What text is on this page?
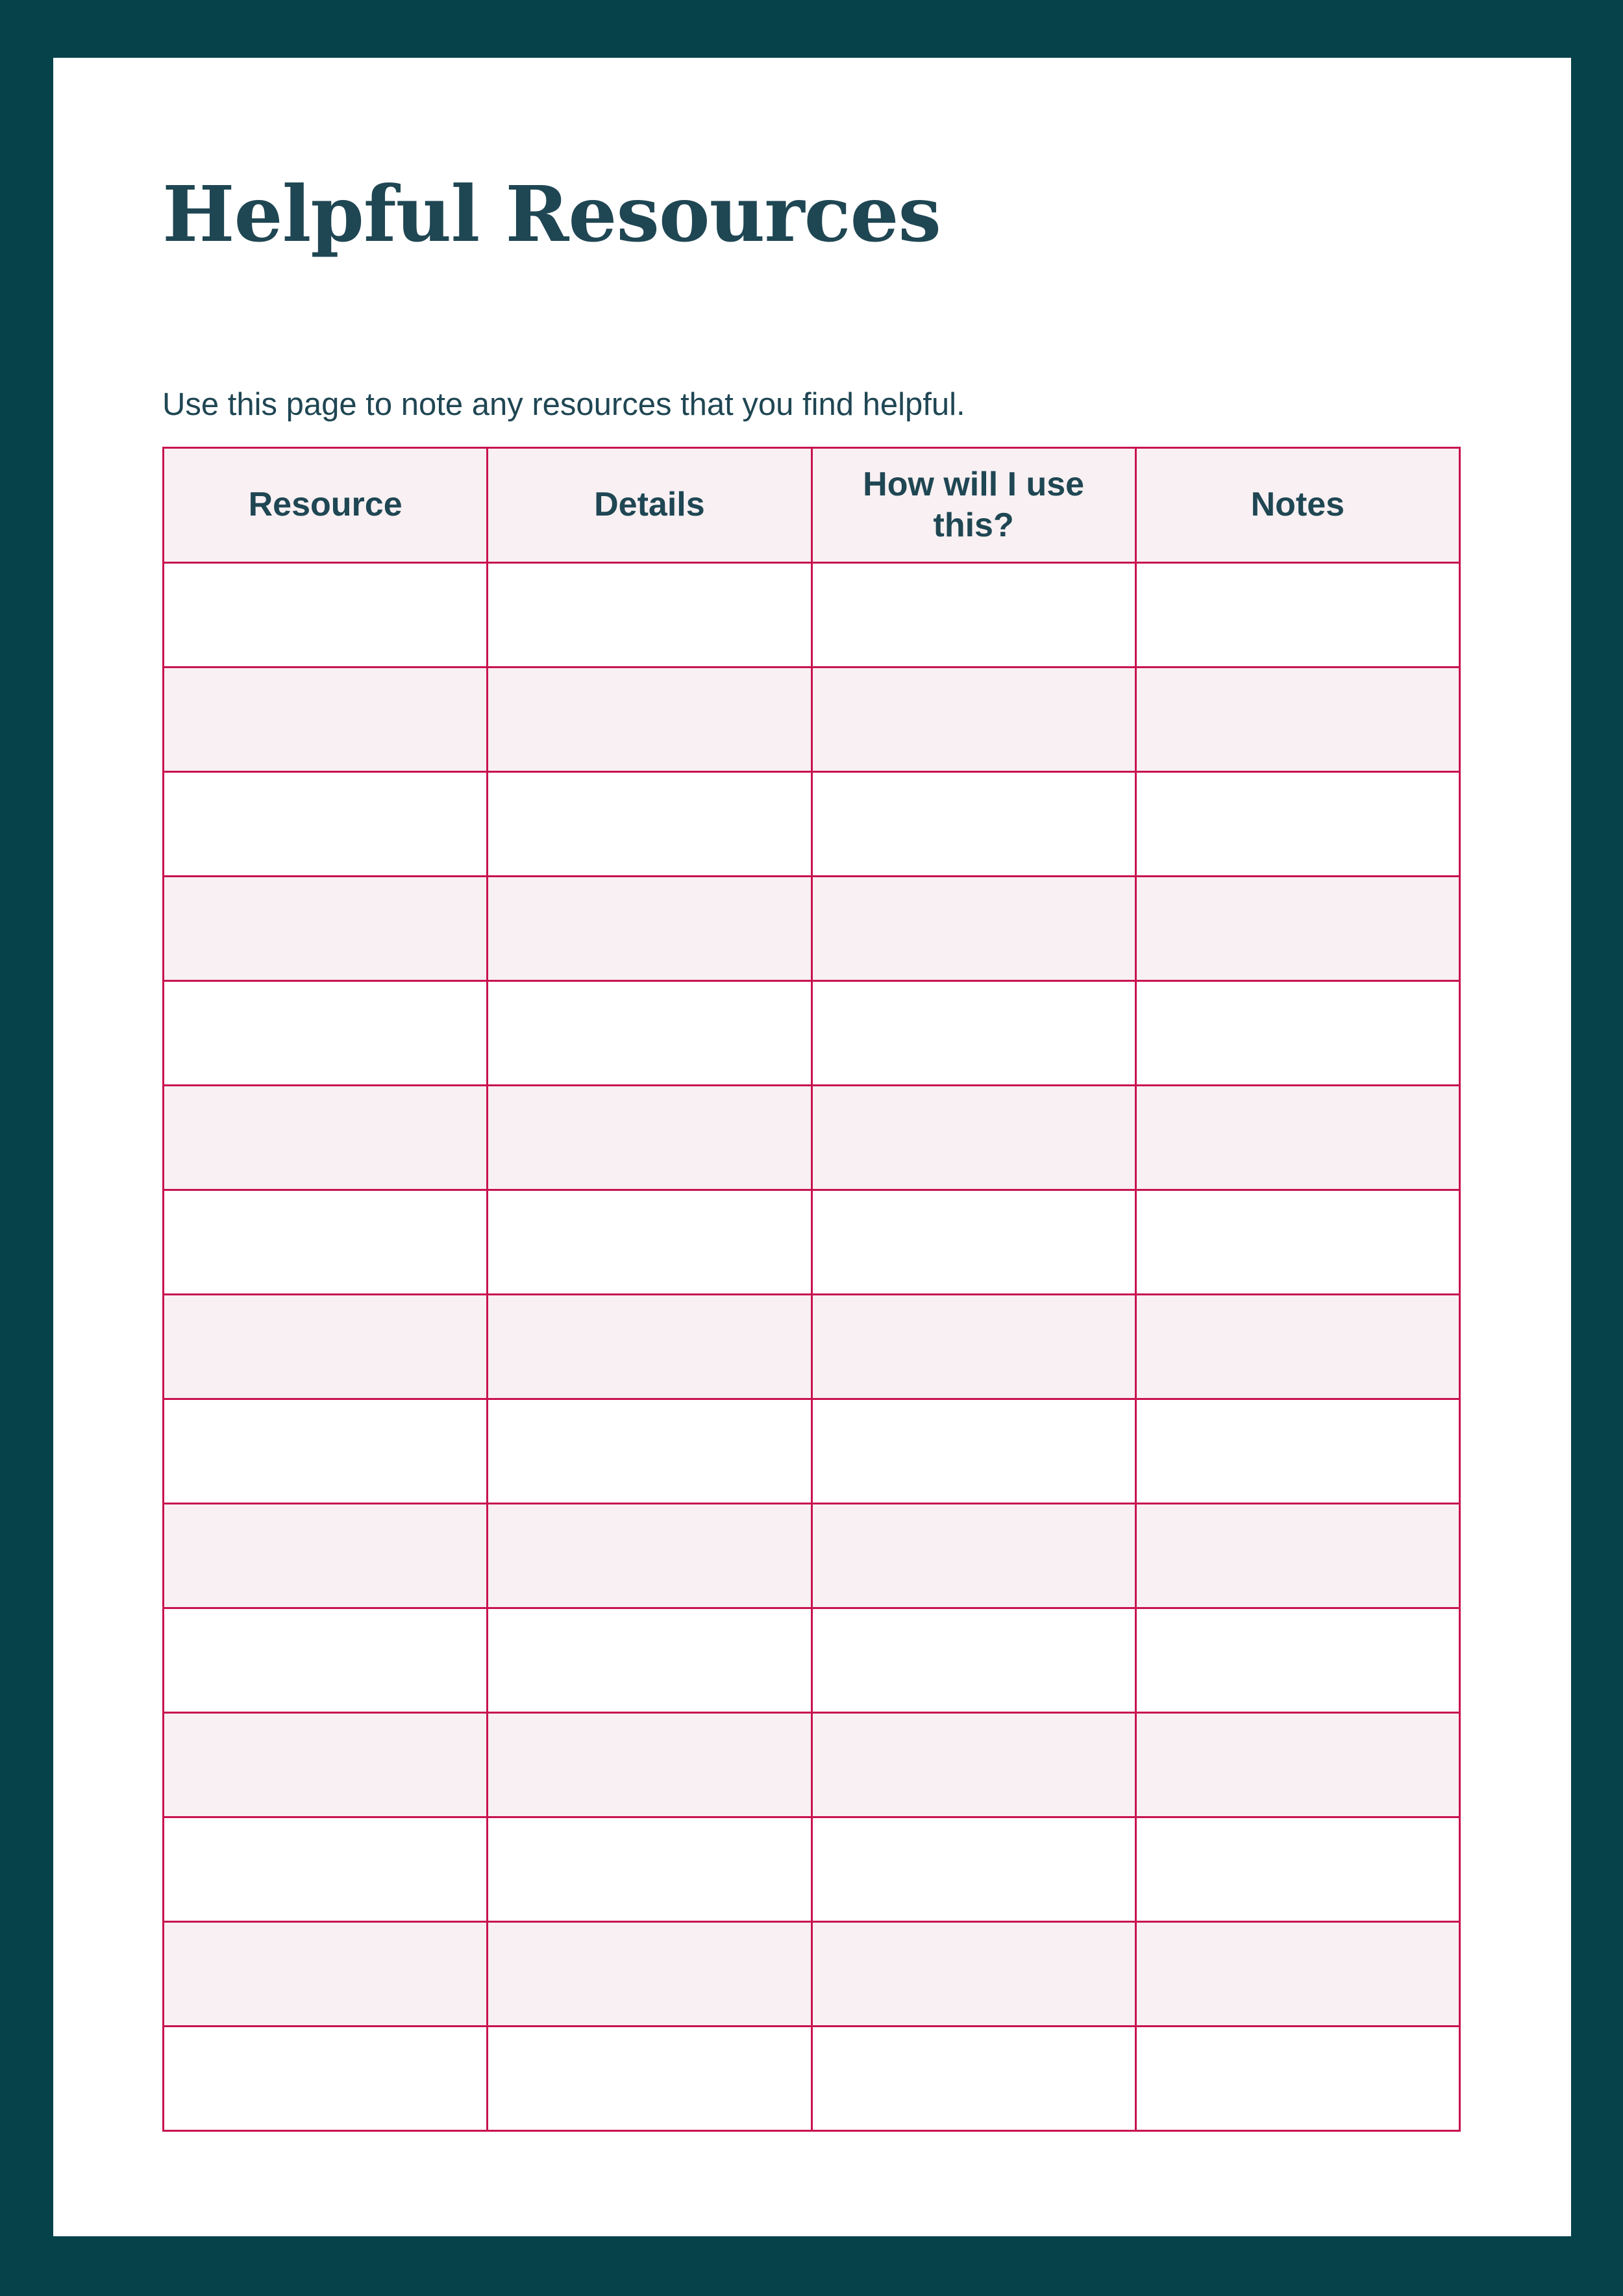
Helpful Resources

Use this page to note any resources that you find helpful.

Resource	Details	How will I use this?	Notes
